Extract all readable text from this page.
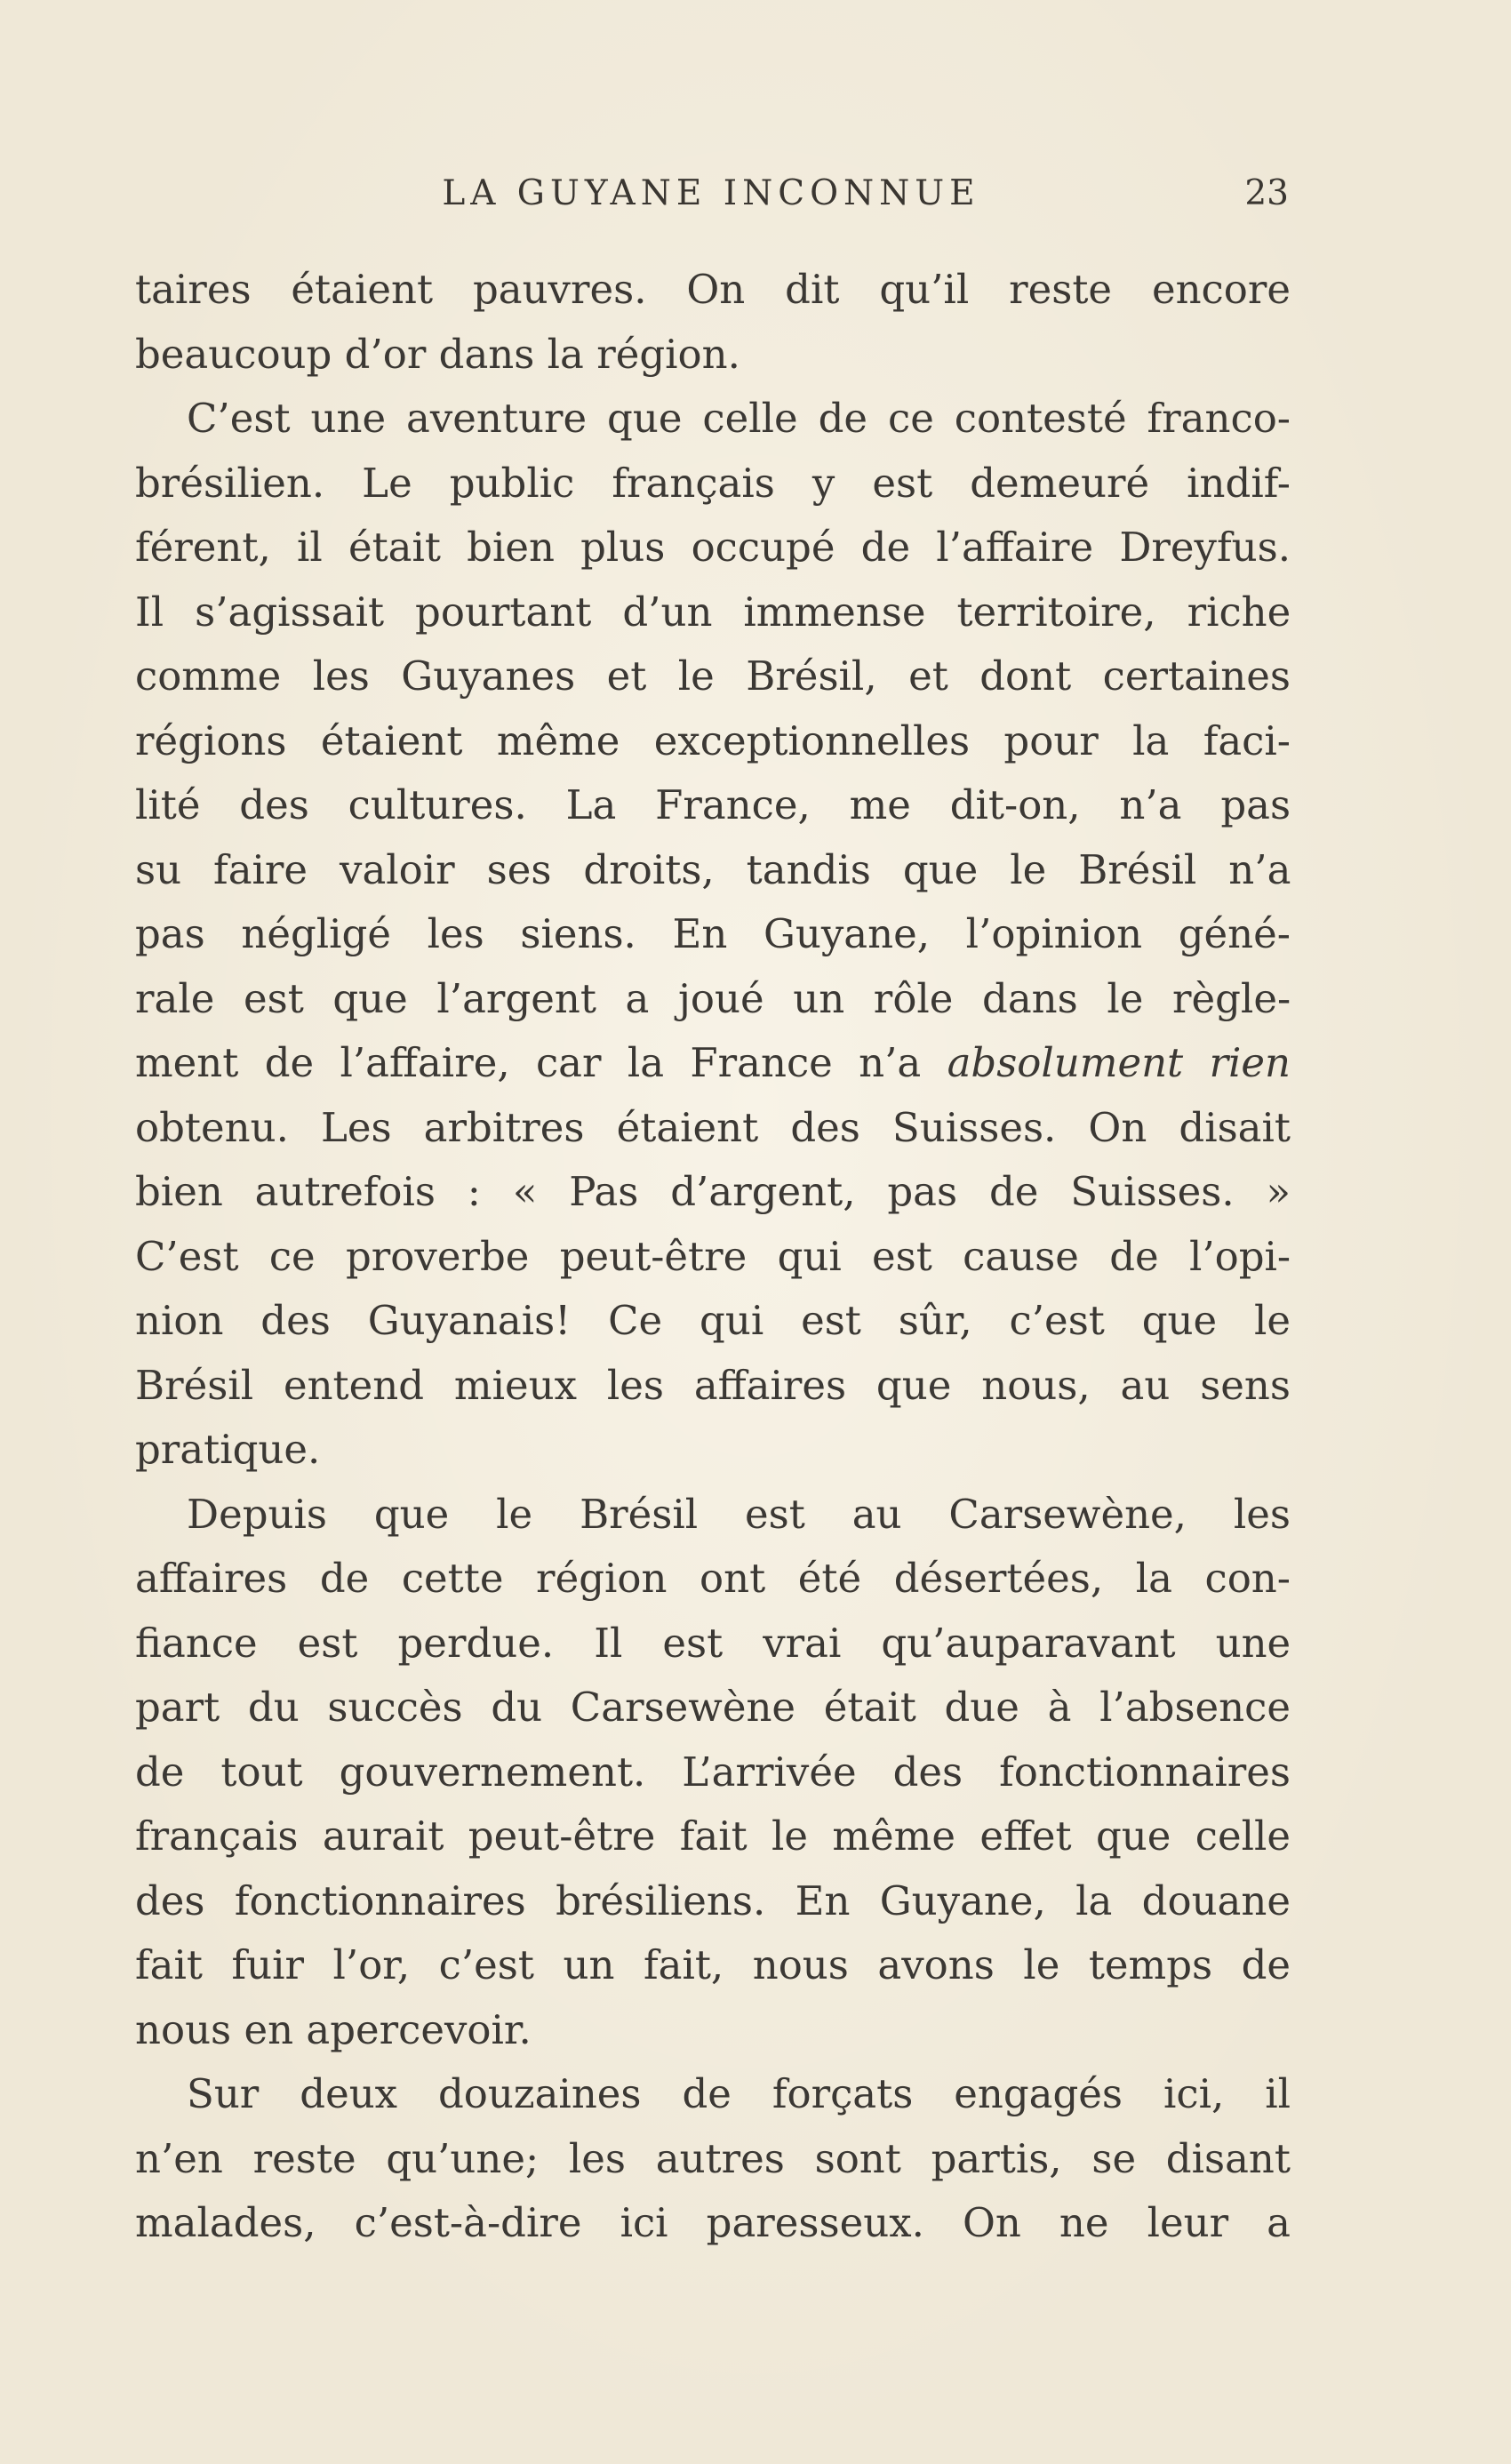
LA GUYANE INCONNUE	23
taires étaient pauvres. On dit qu’il reste encore
beaucoup d’or dans la région.
C’est une aventure que celle de ce contesté franco-
brésilien. Le public français y est demeuré indif-
férent, il était bien plus occupé de l’affaire Dreyfus.
Il s’agissait pourtant d’un immense territoire, riche
comme les Guyanes et le Brésil, et dont certaines
régions étaient même exceptionnelles pour la faci-
lité des cultures. La France, me dit-on, n’a pas
su faire valoir ses droits, tandis que le Brésil n’a
pas négligé les siens. En Guyane, l’opinion géné-
rale est que l’argent a joué un rôle dans le règle-
ment de l’affaire, car la France n’a absolument rien
obtenu. Les arbitres étaient des Suisses. On disait
bien autrefois : « Pas d’argent, pas de Suisses. »
C’est ce proverbe peut-être qui est cause de l’opi-
nion des Guyanais! Ce qui est sûr, c’est que le
Brésil entend mieux les affaires que nous, au sens
pratique.
Depuis que le Brésil est au Carsewène, les
affaires de cette région ont été désertées, la con-
fiance est perdue. Il est vrai qu’auparavant une
part du succès du Carsewène était due à l’absence
de tout gouvernement. L’arrivée des fonctionnaires
français aurait peut-être fait le même effet que celle
des fonctionnaires brésiliens. En Guyane, la douane
fait fuir l’or, c’est un fait, nous avons le temps de
nous en apercevoir.
Sur deux douzaines de forçats engagés ici, il
n’en reste qu’une; les autres sont partis, se disant
malades, c’est-à-dire ici paresseux. On ne leur a
